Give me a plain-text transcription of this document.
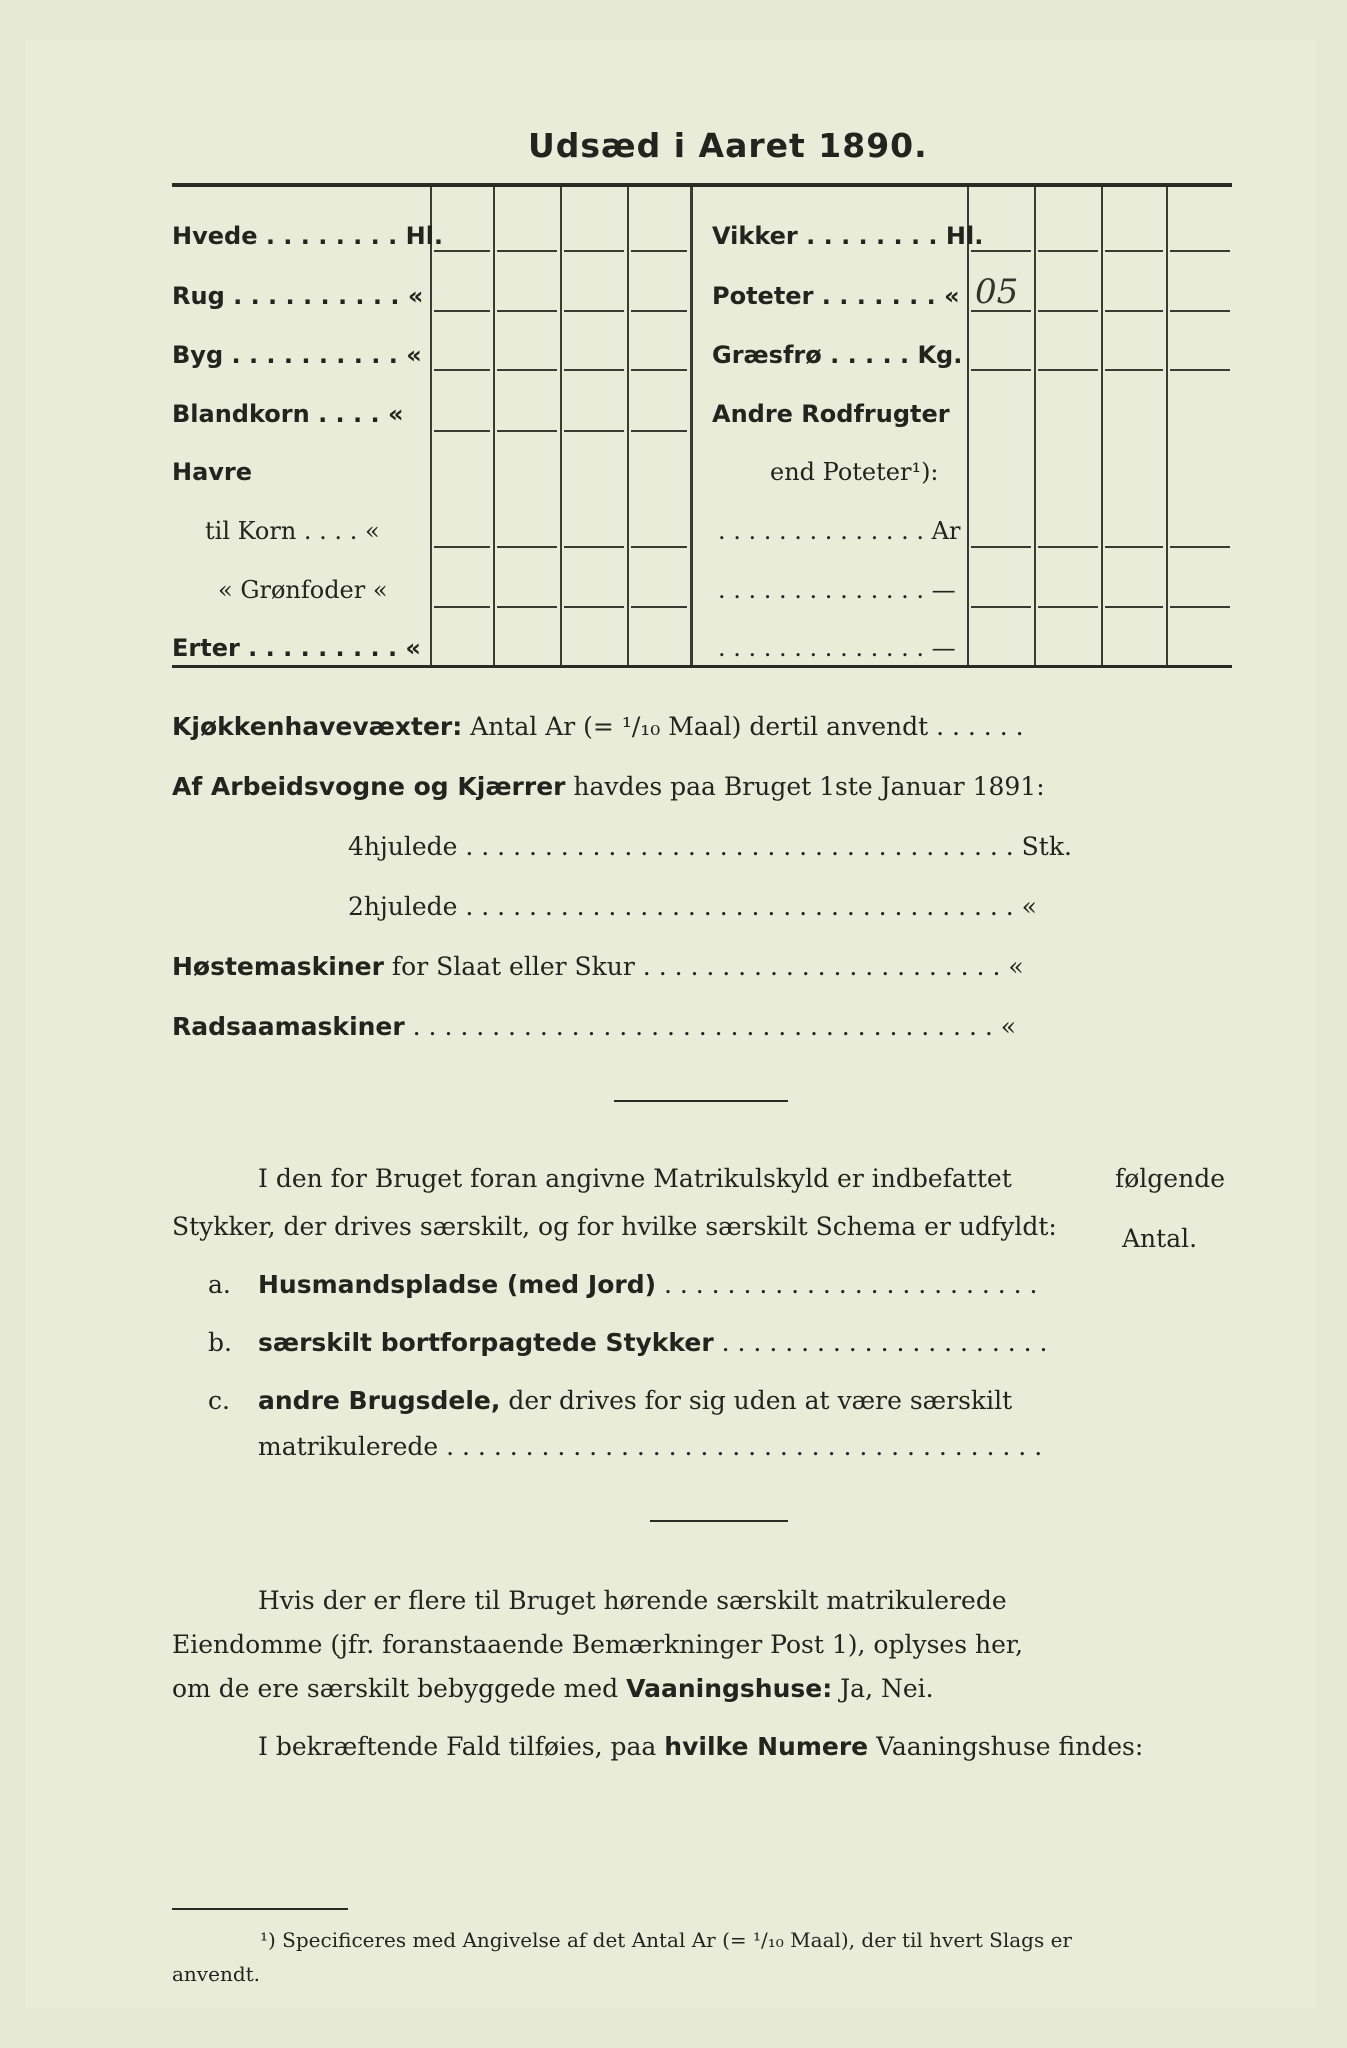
Udsæd i Aaret 1890.
Hvede . . . . . . . . Hl.
Rug . . . . . . . . . . «
Byg . . . . . . . . . . «
Blandkorn . . . . «
Havre
til Korn . . . . «
« Grønfoder «
Erter . . . . . . . . . «
Vikker . . . . . . . . Hl.
Poteter . . . . . . . «
Græsfrø . . . . . Kg.
Andre Rodfrugter
end Poteter¹):
. . . . . . . . . . . . . . Ar
. . . . . . . . . . . . . . —
. . . . . . . . . . . . . . —
05
Kjøkkenhavevæxter: Antal Ar (= ¹/₁₀ Maal) dertil anvendt . . . . . .
Af Arbeidsvogne og Kjærrer havdes paa Bruget 1ste Januar 1891:
4hjulede . . . . . . . . . . . . . . . . . . . . . . . . . . . . . . . . . . . Stk.
2hjulede . . . . . . . . . . . . . . . . . . . . . . . . . . . . . . . . . . . «
Høstemaskiner for Slaat eller Skur . . . . . . . . . . . . . . . . . . . . . . . «
Radsaamaskiner . . . . . . . . . . . . . . . . . . . . . . . . . . . . . . . . . . . . . «
I den for Bruget foran angivne Matrikulskyld er indbefattet	følgende
Stykker, der drives særskilt, og for hvilke særskilt Schema er udfyldt:	Antal.
a. Husmandspladse (med Jord) . . . . . . . . . . . . . . . . . . . . . . . .
b. særskilt bortforpagtede Stykker . . . . . . . . . . . . . . . . . . . . .
c. andre Brugsdele, der drives for sig uden at være særskilt
matrikulerede . . . . . . . . . . . . . . . . . . . . . . . . . . . . . . . . . . . . . .
Hvis der er flere til Bruget hørende særskilt matrikulerede
Eiendomme (jfr. foranstaaende Bemærkninger Post 1), oplyses her,
om de ere særskilt bebyggede med Vaaningshuse: Ja, Nei.
I bekræftende Fald tilføies, paa hvilke Numere Vaaningshuse findes:
¹) Specificeres med Angivelse af det Antal Ar (= ¹/₁₀ Maal), der til hvert Slags er
anvendt.
